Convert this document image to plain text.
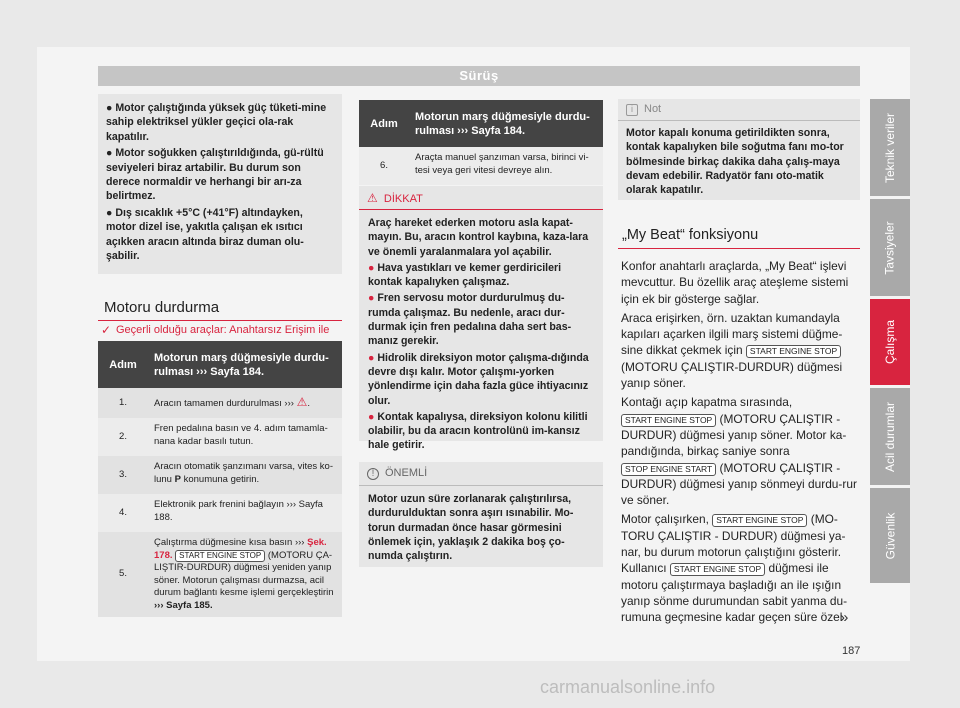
Sürüş
Teknik veriler
Tavsiyeler
Çalışma
Acil durumlar
Güvenlik

● Motor çalıştığında yüksek güç tüketi-mine sahip elektriksel yükler geçici ola-rak kapatılır.

● Motor soğukken çalıştırıldığında, gü-rültü seviyeleri biraz artabilir. Bu durum son derece normaldir ve herhangi bir arı-za belirtmez.

● Dış sıcaklık +5°C (+41°F) altındayken, motor dizel ise, yakıtla çalışan ek ısıtıcı açıkken aracın altında biraz duman olu-şabilir.

Motoru durdurma
✓ Geçerli olduğu araçlar: Anahtarsız Erişim ile
Adım	Motorun marş düğmesiyle durdu-rulması ››› Sayfa 184.
1.	Aracın tamamen durdurulması ››› ⚠.
2.	Fren pedalına basın ve 4. adım tamamla-nana kadar basılı tutun.
3.	Aracın otomatik şanzımanı varsa, vites ko-lunu P konumuna getirin.
4.	Elektronik park frenini bağlayın ››› Sayfa 188.
5.	Çalıştırma düğmesine kısa basın ››› Şek. 178. START ENGINE STOP (MOTORU ÇA-LIŞTIR-DURDUR) düğmesi yeniden yanıp söner. Motorun çalışması durmazsa, acil durum bağlantı kesme işlemi gerçekleştirin ››› Sayfa 185.
Adım	Motorun marş düğmesiyle durdu-rulması ››› Sayfa 184.
6.	Araçta manuel şanzıman varsa, birinci vi-tesi veya geri vitesi devreye alın.
⚠ DİKKAT

Araç hareket ederken motoru asla kapat-mayın. Bu, aracın kontrol kaybına, kaza-lara ve önemli yaralanmalara yol açabilir.

● Hava yastıkları ve kemer gerdiricileri kontak kapalıyken çalışmaz.

● Fren servosu motor durdurulmuş du-rumda çalışmaz. Bu nedenle, aracı dur-durmak için fren pedalına daha sert bas-manız gerekir.

● Hidrolik direksiyon motor çalışma-dığında devre dışı kalır. Motor çalışmı-yorken yönlendirme için daha fazla güce ihtiyacınız olur.

● Kontak kapalıysa, direksiyon kolonu kilitli olabilir, bu da aracın kontrolünü im-kansız hale getirir.

! ÖNEMLİ
Motor uzun süre zorlanarak çalıştırılırsa, durdurulduktan sonra aşırı ısınabilir. Mo-torun durmadan önce hasar görmesini önlemek için, yaklaşık 2 dakika boş ço-numda çalıştırın.
i Not
Motor kapalı konuma getirildikten sonra, kontak kapalıyken bile soğutma fanı mo-tor bölmesinde birkaç dakika daha çalış-maya devam edebilir. Radyatör fanı oto-matik olarak kapatılır.
„My Beat“ fonksiyonu

Konfor anahtarlı araçlarda, „My Beat“ işlevi mevcuttur. Bu özellik araç ateşleme sistemi için ek bir gösterge sağlar.

Araca erişirken, örn. uzaktan kumandayla kapıları açarken ilgili marş sistemi düğme-sine dikkat çekmek için START ENGINE STOP (MOTORU ÇALIŞTIR-DURDUR) düğmesi yanıp söner.

Kontağı açıp kapatma sırasında, START ENGINE STOP (MOTORU ÇALIŞTIR - DURDUR) düğmesi yanıp söner. Motor ka-pandığında, birkaç saniye sonra STOP ENGINE START (MOTORU ÇALIŞTIR - DURDUR) düğmesi yanıp sönmeyi durdu-rur ve söner.

Motor çalışırken, START ENGINE STOP (MO-TORU ÇALIŞTIR - DURDUR) düğmesi ya-nar, bu durum motorun çalıştığını gösterir. Kullanıcı START ENGINE STOP düğmesi ile motoru çalıştırmaya başladığı an ile ışığın yanıp sönme durumundan sabit yanma du-rumuna geçmesine kadar geçen süre özel

»
187
carmanualsonline.info
